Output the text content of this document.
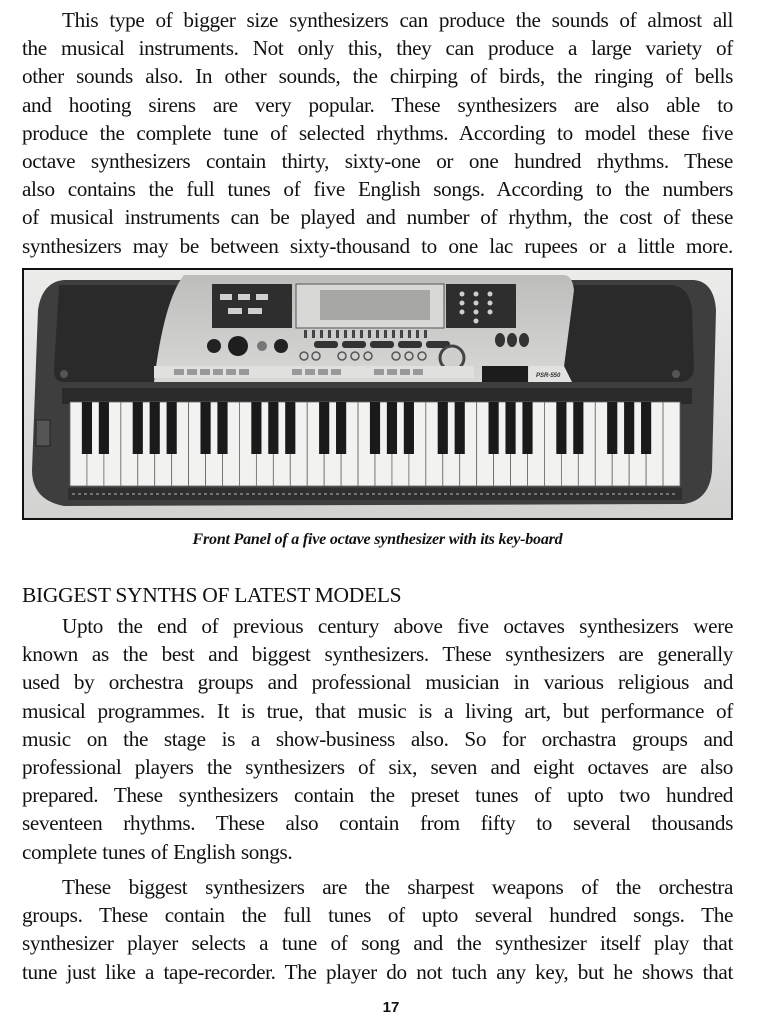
This type of bigger size synthesizers can produce the sounds of almost all
the musical instruments. Not only this, they can produce a large variety of
other sounds also. In other sounds, the chirping of birds, the ringing of bells
and hooting sirens are very popular. These synthesizers are also able to
produce the complete tune of selected rhythms. According to model these five
octave synthesizers contain thirty, sixty-one or one hundred rhythms. These
also contains the full tunes of five English songs. According to the numbers
of musical instruments can be played and number of rhythm, the cost of these
synthesizers may be between sixty-thousand to one lac rupees or a little more.
PSR-550
Front Panel of a five octave synthesizer with its key-board
BIGGEST SYNTHS OF LATEST MODELS
Upto the end of previous century above five octaves synthesizers were
known as the best and biggest synthesizers. These synthesizers are generally
used by orchestra groups and professional musician in various religious and
musical programmes. It is true, that music is a living art, but performance of
music on the stage is a show-business also. So for orchastra groups and
professional players the synthesizers of six, seven and eight octaves are also
prepared. These synthesizers contain the preset tunes of upto two hundred
seventeen rhythms. These also contain from fifty to several thousands
complete tunes of English songs.
These biggest synthesizers are the sharpest weapons of the orchestra
groups. These contain the full tunes of upto several hundred songs. The
synthesizer player selects a tune of song and the synthesizer itself play that
tune just like a tape-recorder. The player do not tuch any key, but he shows that
17
